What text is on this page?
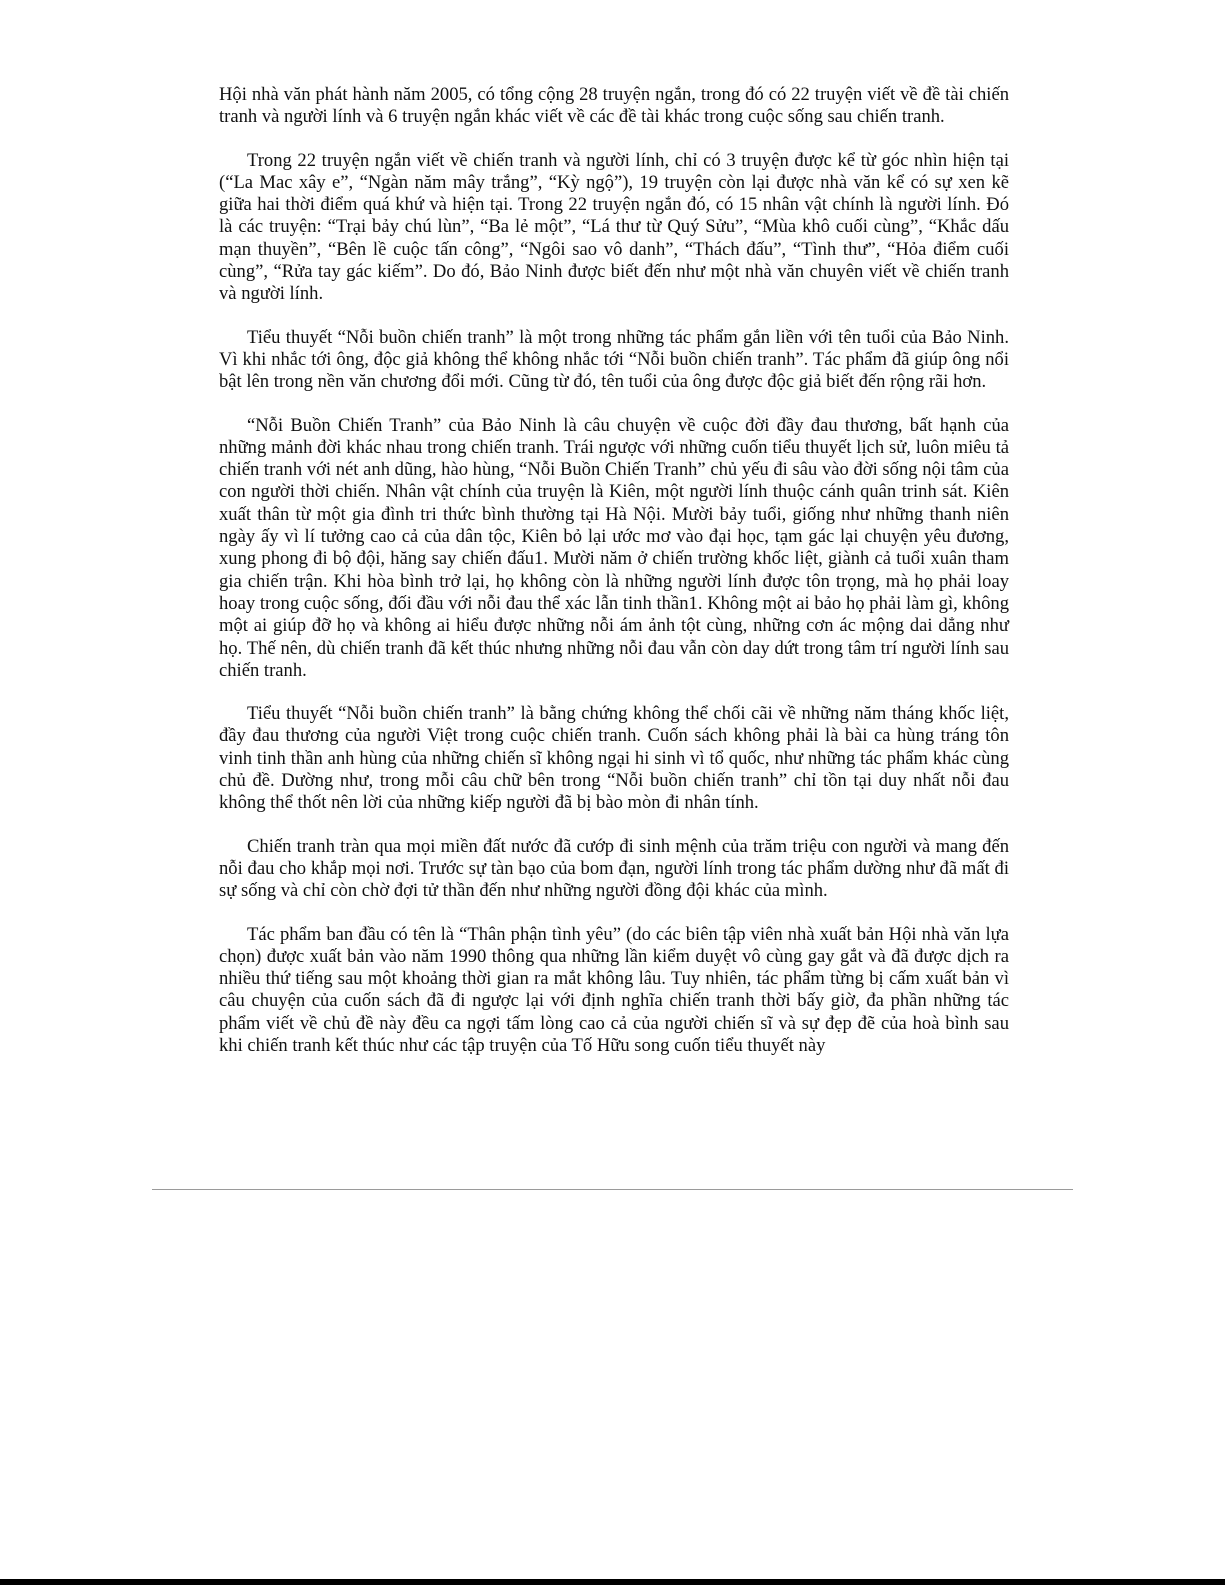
Hội nhà văn phát hành năm 2005, có tổng cộng 28 truyện ngắn, trong đó có 22 truyện viết về đề tài chiến tranh và người lính và 6 truyện ngắn khác viết về các đề tài khác trong cuộc sống sau chiến tranh.

Trong 22 truyện ngắn viết về chiến tranh và người lính, chỉ có 3 truyện được kể từ góc nhìn hiện tại (“La Mac xây e”, “Ngàn năm mây trắng”, “Kỳ ngộ”), 19 truyện còn lại được nhà văn kể có sự xen kẽ giữa hai thời điểm quá khứ và hiện tại. Trong 22 truyện ngắn đó, có 15 nhân vật chính là người lính. Đó là các truyện: “Trại bảy chú lùn”, “Ba lẻ một”, “Lá thư từ Quý Sửu”, “Mùa khô cuối cùng”, “Khắc dấu mạn thuyền”, “Bên lề cuộc tấn công”, “Ngôi sao vô danh”, “Thách đấu”, “Tình thư”, “Hỏa điểm cuối cùng”, “Rửa tay gác kiếm”. Do đó, Bảo Ninh được biết đến như một nhà văn chuyên viết về chiến tranh và người lính.

Tiểu thuyết “Nỗi buồn chiến tranh” là một trong những tác phẩm gắn liền với tên tuổi của Bảo Ninh. Vì khi nhắc tới ông, độc giả không thể không nhắc tới “Nỗi buồn chiến tranh”. Tác phẩm đã giúp ông nổi bật lên trong nền văn chương đổi mới. Cũng từ đó, tên tuổi của ông được độc giả biết đến rộng rãi hơn.

“Nỗi Buồn Chiến Tranh” của Bảo Ninh là câu chuyện về cuộc đời đầy đau thương, bất hạnh của những mảnh đời khác nhau trong chiến tranh. Trái ngược với những cuốn tiểu thuyết lịch sử, luôn miêu tả chiến tranh với nét anh dũng, hào hùng, “Nỗi Buồn Chiến Tranh” chủ yếu đi sâu vào đời sống nội tâm của con người thời chiến. Nhân vật chính của truyện là Kiên, một người lính thuộc cánh quân trinh sát. Kiên xuất thân từ một gia đình tri thức bình thường tại Hà Nội. Mười bảy tuổi, giống như những thanh niên ngày ấy vì lí tưởng cao cả của dân tộc, Kiên bỏ lại ước mơ vào đại học, tạm gác lại chuyện yêu đương, xung phong đi bộ đội, hăng say chiến đấu1. Mười năm ở chiến trường khốc liệt, giành cả tuổi xuân tham gia chiến trận. Khi hòa bình trở lại, họ không còn là những người lính được tôn trọng, mà họ phải loay hoay trong cuộc sống, đối đầu với nỗi đau thể xác lẫn tinh thần1. Không một ai bảo họ phải làm gì, không một ai giúp đỡ họ và không ai hiểu được những nỗi ám ảnh tột cùng, những cơn ác mộng dai dẳng như họ. Thế nên, dù chiến tranh đã kết thúc nhưng những nỗi đau vẫn còn day dứt trong tâm trí người lính sau chiến tranh.

Tiểu thuyết “Nỗi buồn chiến tranh” là bằng chứng không thể chối cãi về những năm tháng khốc liệt, đầy đau thương của người Việt trong cuộc chiến tranh. Cuốn sách không phải là bài ca hùng tráng tôn vinh tinh thần anh hùng của những chiến sĩ không ngại hi sinh vì tổ quốc, như những tác phẩm khác cùng chủ đề. Dường như, trong mỗi câu chữ bên trong “Nỗi buồn chiến tranh” chỉ tồn tại duy nhất nỗi đau không thể thốt nên lời của những kiếp người đã bị bào mòn đi nhân tính.

Chiến tranh tràn qua mọi miền đất nước đã cướp đi sinh mệnh của trăm triệu con người và mang đến nỗi đau cho khắp mọi nơi. Trước sự tàn bạo của bom đạn, người lính trong tác phẩm dường như đã mất đi sự sống và chỉ còn chờ đợi tử thần đến như những người đồng đội khác của mình.

Tác phẩm ban đầu có tên là “Thân phận tình yêu” (do các biên tập viên nhà xuất bản Hội nhà văn lựa chọn) được xuất bản vào năm 1990 thông qua những lần kiểm duyệt vô cùng gay gắt và đã được dịch ra nhiều thứ tiếng sau một khoảng thời gian ra mắt không lâu. Tuy nhiên, tác phẩm từng bị cấm xuất bản vì câu chuyện của cuốn sách đã đi ngược lại với định nghĩa chiến tranh thời bấy giờ, đa phần những tác phẩm viết về chủ đề này đều ca ngợi tấm lòng cao cả của người chiến sĩ và sự đẹp đẽ của hoà bình sau khi chiến tranh kết thúc như các tập truyện của Tố Hữu song cuốn tiểu thuyết này
